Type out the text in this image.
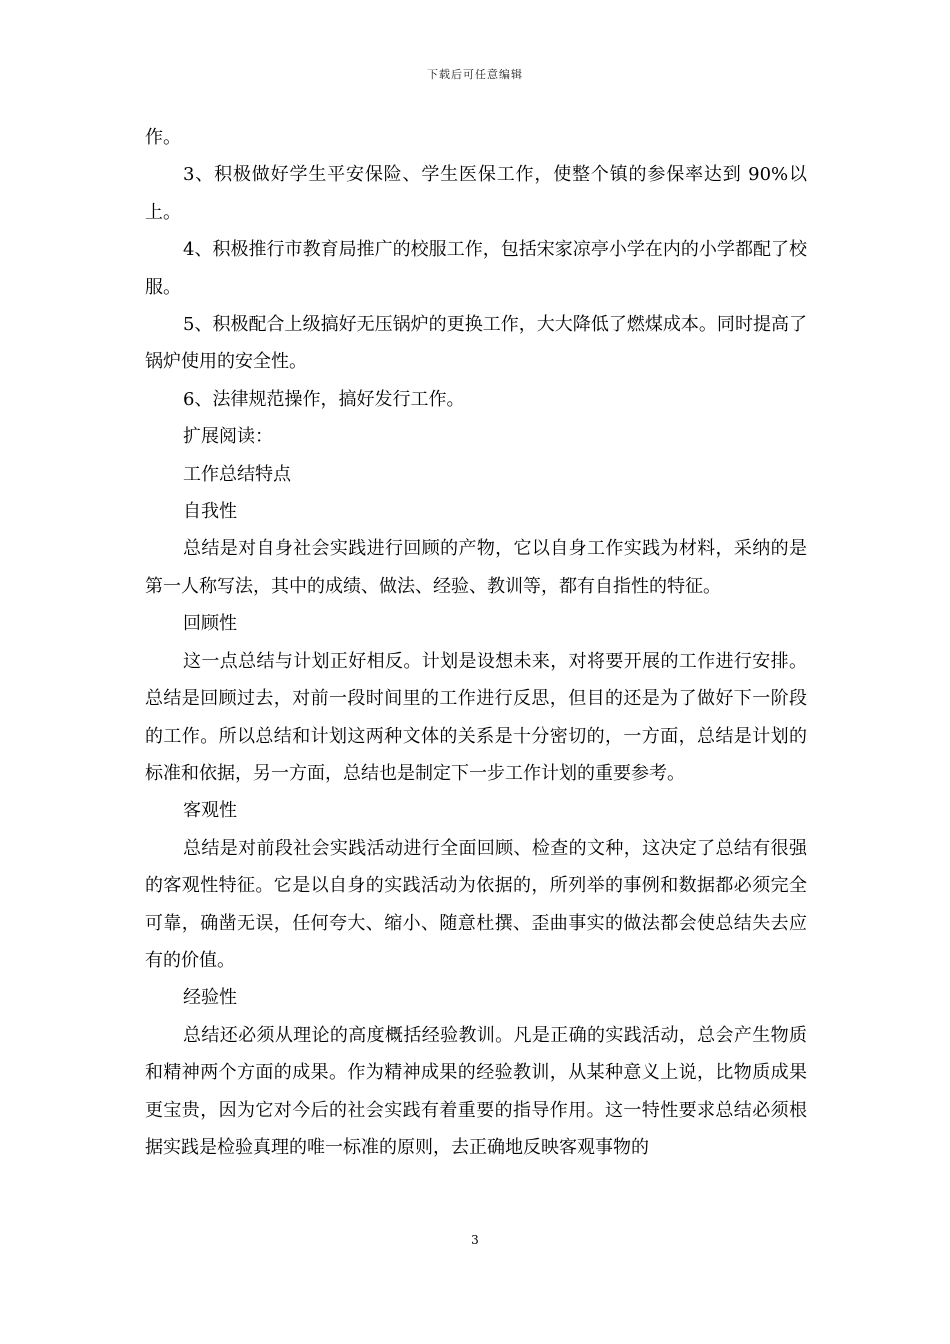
下载后可任意编辑

作。

3、积极做好学生平安保险、学生医保工作，使整个镇的参保率达到 90%以上。

4、积极推行市教育局推广的校服工作，包括宋家凉亭小学在内的小学都配了校服。

5、积极配合上级搞好无压锅炉的更换工作，大大降低了燃煤成本。同时提高了锅炉使用的安全性。

6、法律规范操作，搞好发行工作。

扩展阅读：

工作总结特点

自我性

总结是对自身社会实践进行回顾的产物，它以自身工作实践为材料，采纳的是第一人称写法，其中的成绩、做法、经验、教训等，都有自指性的特征。

回顾性

这一点总结与计划正好相反。计划是设想未来，对将要开展的工作进行安排。总结是回顾过去，对前一段时间里的工作进行反思，但目的还是为了做好下一阶段的工作。所以总结和计划这两种文体的关系是十分密切的，一方面，总结是计划的标准和依据，另一方面，总结也是制定下一步工作计划的重要参考。

客观性

总结是对前段社会实践活动进行全面回顾、检查的文种，这决定了总结有很强的客观性特征。它是以自身的实践活动为依据的，所列举的事例和数据都必须完全可靠，确凿无误，任何夸大、缩小、随意杜撰、歪曲事实的做法都会使总结失去应有的价值。

经验性

总结还必须从理论的高度概括经验教训。凡是正确的实践活动，总会产生物质和精神两个方面的成果。作为精神成果的经验教训，从某种意义上说，比物质成果更宝贵，因为它对今后的社会实践有着重要的指导作用。这一特性要求总结必须根据实践是检验真理的唯一标准的原则，去正确地反映客观事物的

3
